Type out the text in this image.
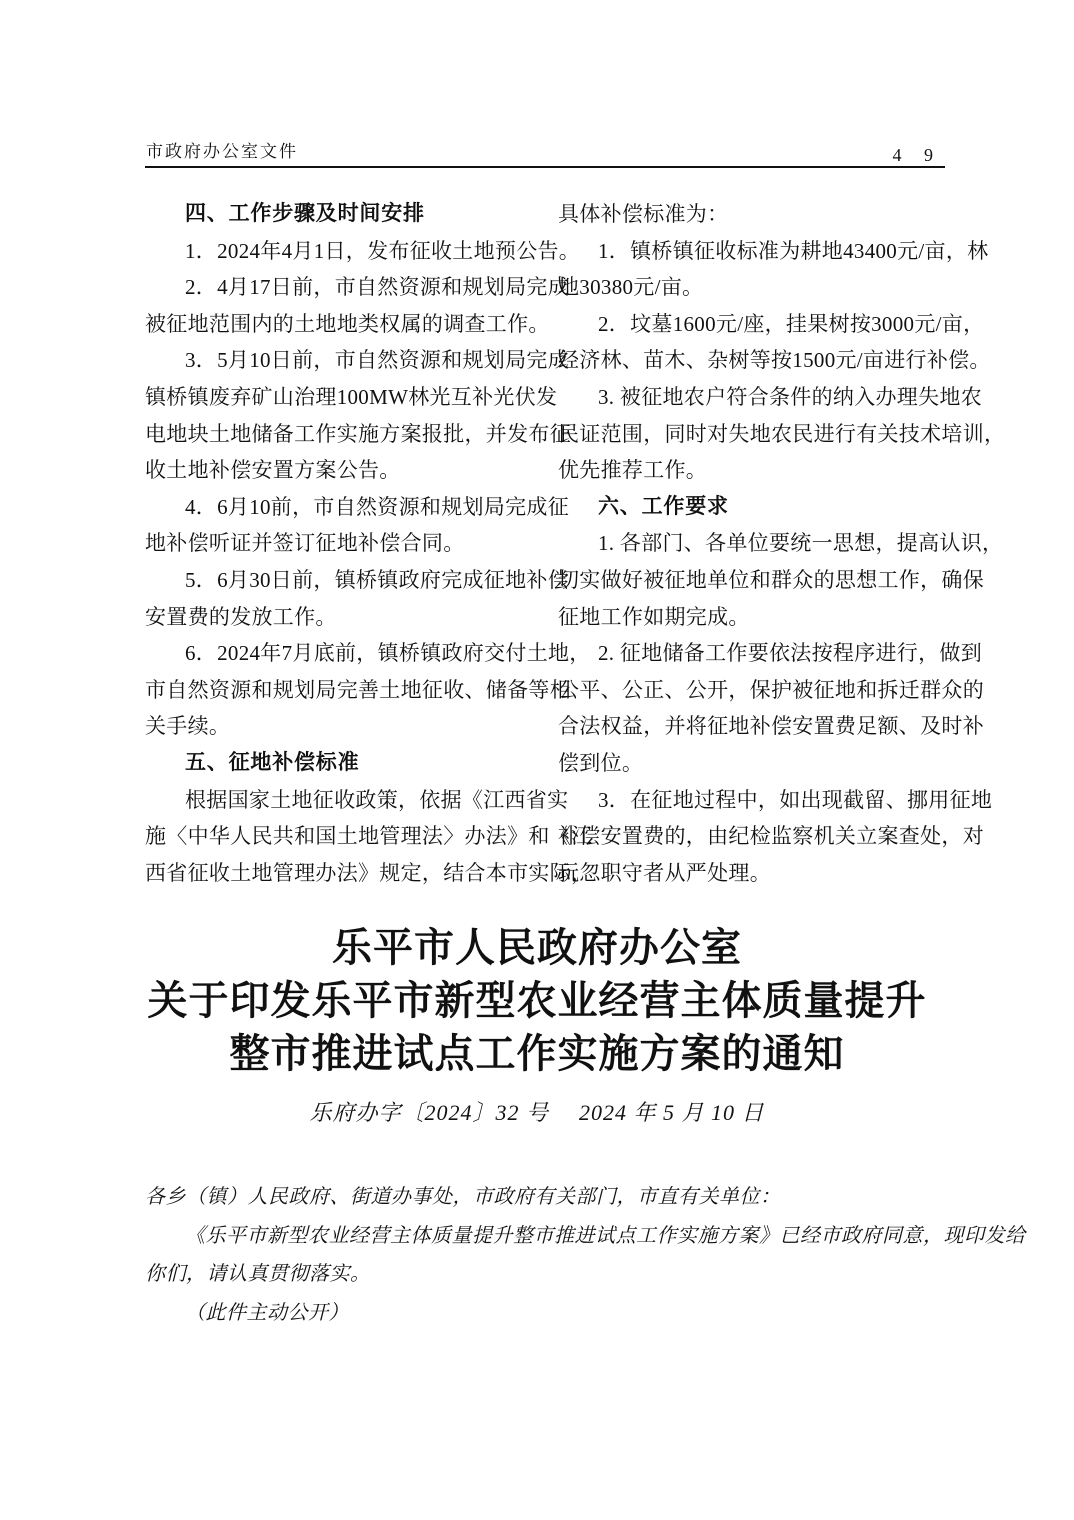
市政府办公室文件	4 9
四、工作步骤及时间安排
1．2024年4月1日，发布征收土地预公告。
2．4月17日前，市自然资源和规划局完成
被征地范围内的土地地类权属的调查工作。
3．5月10日前，市自然资源和规划局完成
镇桥镇废弃矿山治理100MW林光互补光伏发
电地块土地储备工作实施方案报批，并发布征
收土地补偿安置方案公告。
4．6月10前，市自然资源和规划局完成征
地补偿听证并签订征地补偿合同。
5．6月30日前，镇桥镇政府完成征地补偿
安置费的发放工作。
6．2024年7月底前，镇桥镇政府交付土地，
市自然资源和规划局完善土地征收、储备等相
关手续。
五、征地补偿标准
根据国家土地征收政策，依据《江西省实
施〈中华人民共和国土地管理法〉办法》和《江
西省征收土地管理办法》规定，结合本市实际，
具体补偿标准为：
1．镇桥镇征收标准为耕地43400元/亩，林
地30380元/亩。
2．坟墓1600元/座，挂果树按3000元/亩，
经济林、苗木、杂树等按1500元/亩进行补偿。
3. 被征地农户符合条件的纳入办理失地农
民证范围，同时对失地农民进行有关技术培训，
优先推荐工作。
六、工作要求
1. 各部门、各单位要统一思想，提高认识，
切实做好被征地单位和群众的思想工作，确保
征地工作如期完成。
2. 征地储备工作要依法按程序进行，做到
公平、公正、公开，保护被征地和拆迁群众的
合法权益，并将征地补偿安置费足额、及时补
偿到位。
3．在征地过程中，如出现截留、挪用征地
补偿安置费的，由纪检监察机关立案查处，对
玩忽职守者从严处理。
乐平市人民政府办公室
关于印发乐平市新型农业经营主体质量提升
整市推进试点工作实施方案的通知
乐府办字〔2024〕32 号 2024 年 5 月 10 日
各乡（镇）人民政府、街道办事处，市政府有关部门，市直有关单位：
《乐平市新型农业经营主体质量提升整市推进试点工作实施方案》已经市政府同意，现印发给
你们，请认真贯彻落实。
（此件主动公开）
